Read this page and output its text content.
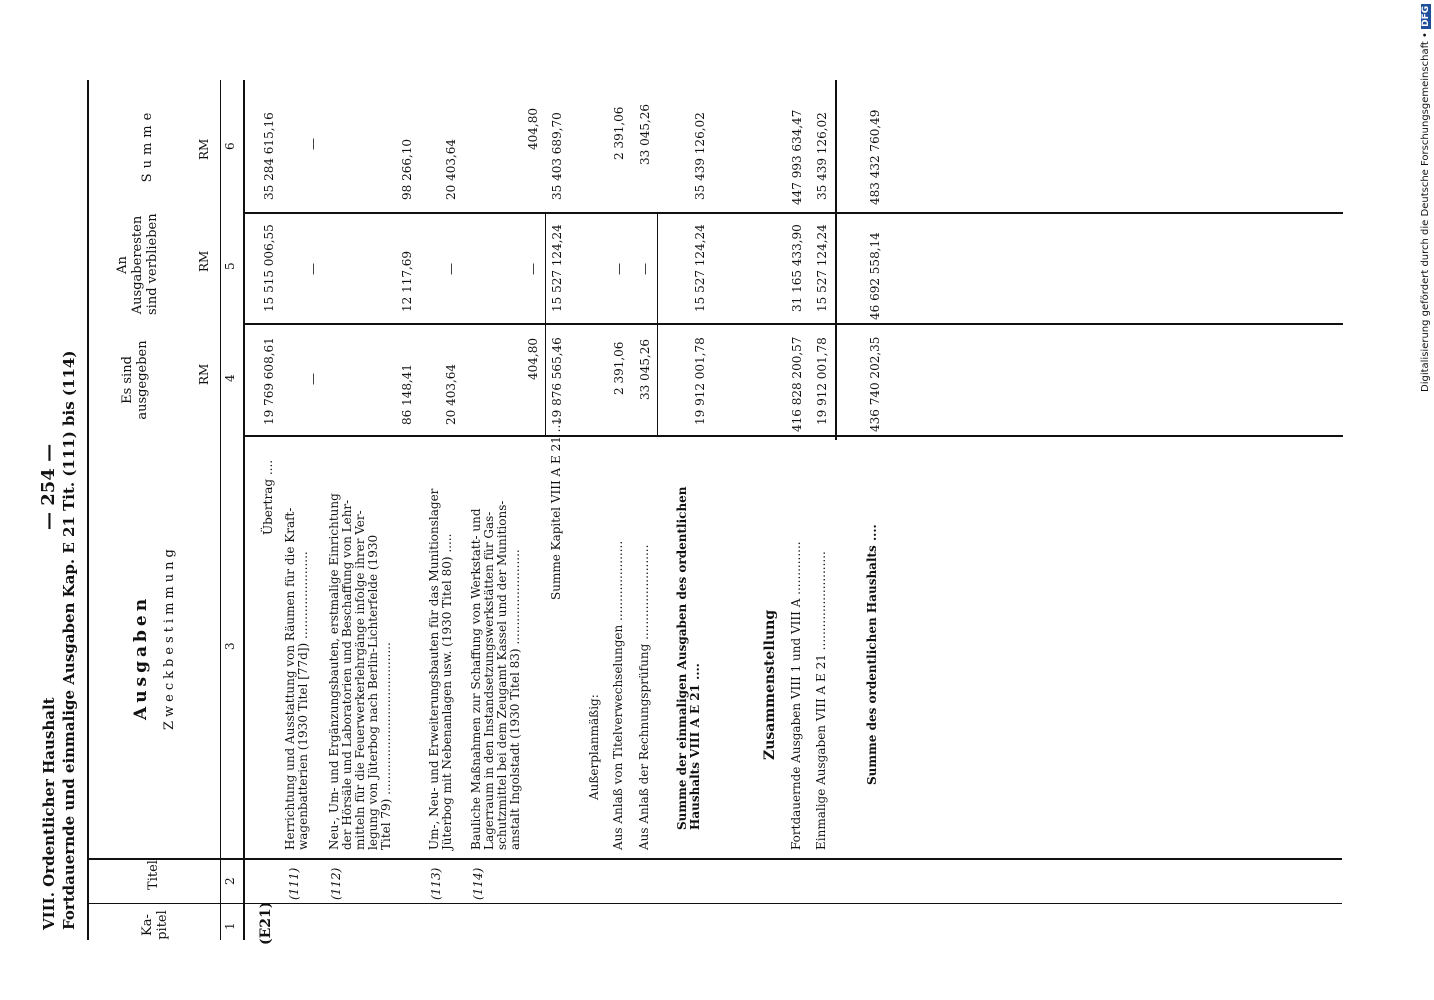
VIII. Ordentlicher Haushalt Fortdauernde und einmalige Ausgaben Kap. E 21 Tit. (111) bis (114)
— 254 —
Ka-
pitel
Titel
Ausgaben Zweckbestimmung
Es sind
ausgegeben
An
Ausgaberesten
sind verblieben
Summe
RM
RM
RM
1
2
3
4
5
6
(E21)
Übertrag ....
19 769 608,61
15 515 006,55
35 284 615,16
(111)
Herrichtung und Ausstattung von Räumen für die Kraft-
wagenbatterien (1930 Titel [77d]) .......................
—
—
—
(112)
Neu-, Um- und Ergänzungsbauten, erstmalige Einrichtung
der Hörsäle und Laboratorien und Beschaffung von Lehr-
mitteln für die Feuerwerkerlehrgänge infolge ihrer Ver-
legung von Jüterbog nach Berlin-Lichterfelde (1930
Titel 79) ........................................
86 148,41
12 117,69
98 266,10
(113)
Um-, Neu- und Erweiterungsbauten für das Munitionslager
Jüterbog mit Nebenanlagen usw. (1930 Titel 80) .....
20 403,64
—
20 403,64
(114)
Bauliche Maßnahmen zur Schaffung von Werkstatt- und
Lagerraum in den Instandsetzungswerkstätten für Gas-
schutzmittel bei dem Zeugamt Kassel und der Munitions-
anstalt Ingolstadt (1930 Titel 83) .........................
404,80
—
404,80
Summe Kapitel VIII A E 21 ....
19 876 565,46
15 527 124,24
35 403 689,70
Außerplanmäßig: Aus Anlaß von Titelverwechselungen .....................
2 391,06
—
2 391,06
Aus Anlaß der Rechnungsprüfung .........................
33 045,26
—
33 045,26
Summe der einmaligen Ausgaben des ordentlichen
Haushalts VIII A E 21 ....
19 912 001,78
15 527 124,24
35 439 126,02
Zusammenstellung Fortdauernde Ausgaben VIII 1 und VIII A ..............
416 828 200,57
31 165 433,90
447 993 634,47
Einmalige Ausgaben VIII A E 21 ..........................
19 912 001,78
15 527 124,24
35 439 126,02
Summe des ordentlichen Haushalts ....
436 740 202,35
46 692 558,14
483 432 760,49	Digitalisierung gefördert durch die Deutsche Forschungsgemeinschaft • DFG
